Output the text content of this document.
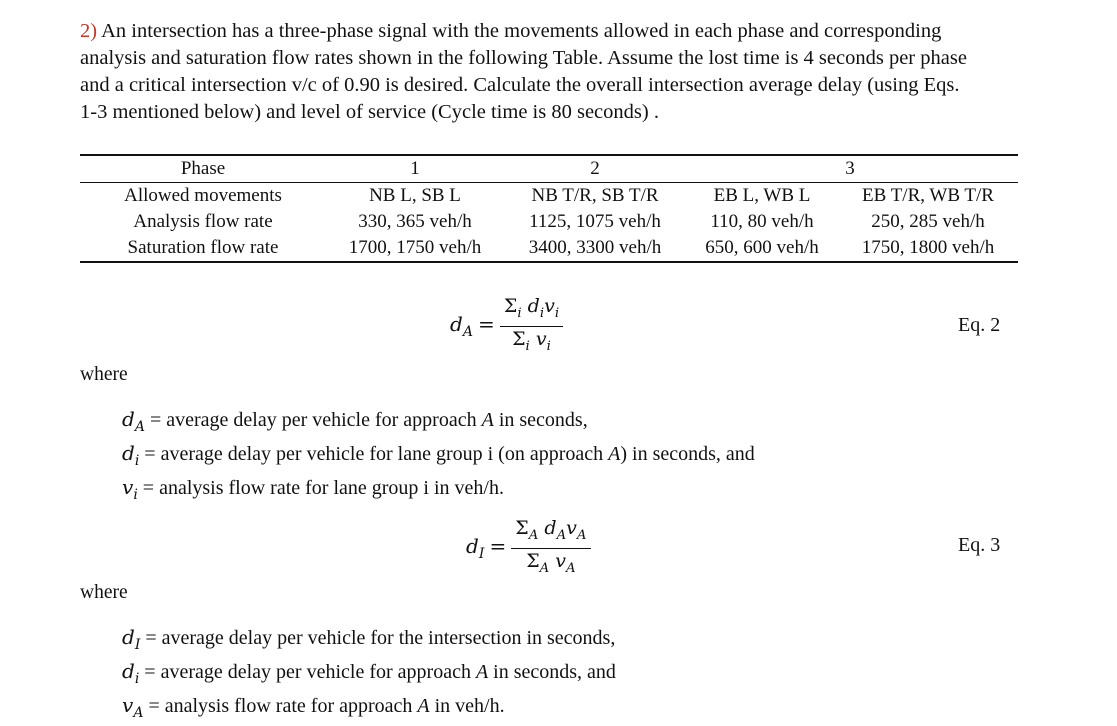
2) An intersection has a three-phase signal with the movements allowed in each phase and corresponding
analysis and saturation flow rates shown in the following Table. Assume the lost time is 4 seconds per phase
and a critical intersection v/c of 0.90 is desired. Calculate the overall intersection average delay (using Eqs.
1-3 mentioned below) and level of service (Cycle time is 80 seconds) .
Phase	1	2	3
Allowed movements	NB L, SB L	NB T/R, SB T/R	EB L, WB L	EB T/R, WB T/R
Analysis flow rate	330, 365 veh/h	1125, 1075 veh/h	110, 80 veh/h	250, 285 veh/h
Saturation flow rate	1700, 1750 veh/h	3400, 3300 veh/h 650, 600 veh/h 1750, 1800 veh/h
$d_A = \frac{\Sigma_i d_iv_i}{\Sigma_i v_i}$	Eq. 2
where
$d_A$ = average delay per vehicle for approach A in seconds,
$d_i$ = average delay per vehicle for lane group i (on approach A) in seconds, and
$v_i$ = analysis flow rate for lane group i in veh/h.
$d_I = \frac{\Sigma_A d_Av_A}{\Sigma_A v_A}$	Eq. 3
where
$d_I$ = average delay per vehicle for the intersection in seconds,
$d_i$ = average delay per vehicle for approach A in seconds, and
$v_A$ = analysis flow rate for approach A in veh/h.
